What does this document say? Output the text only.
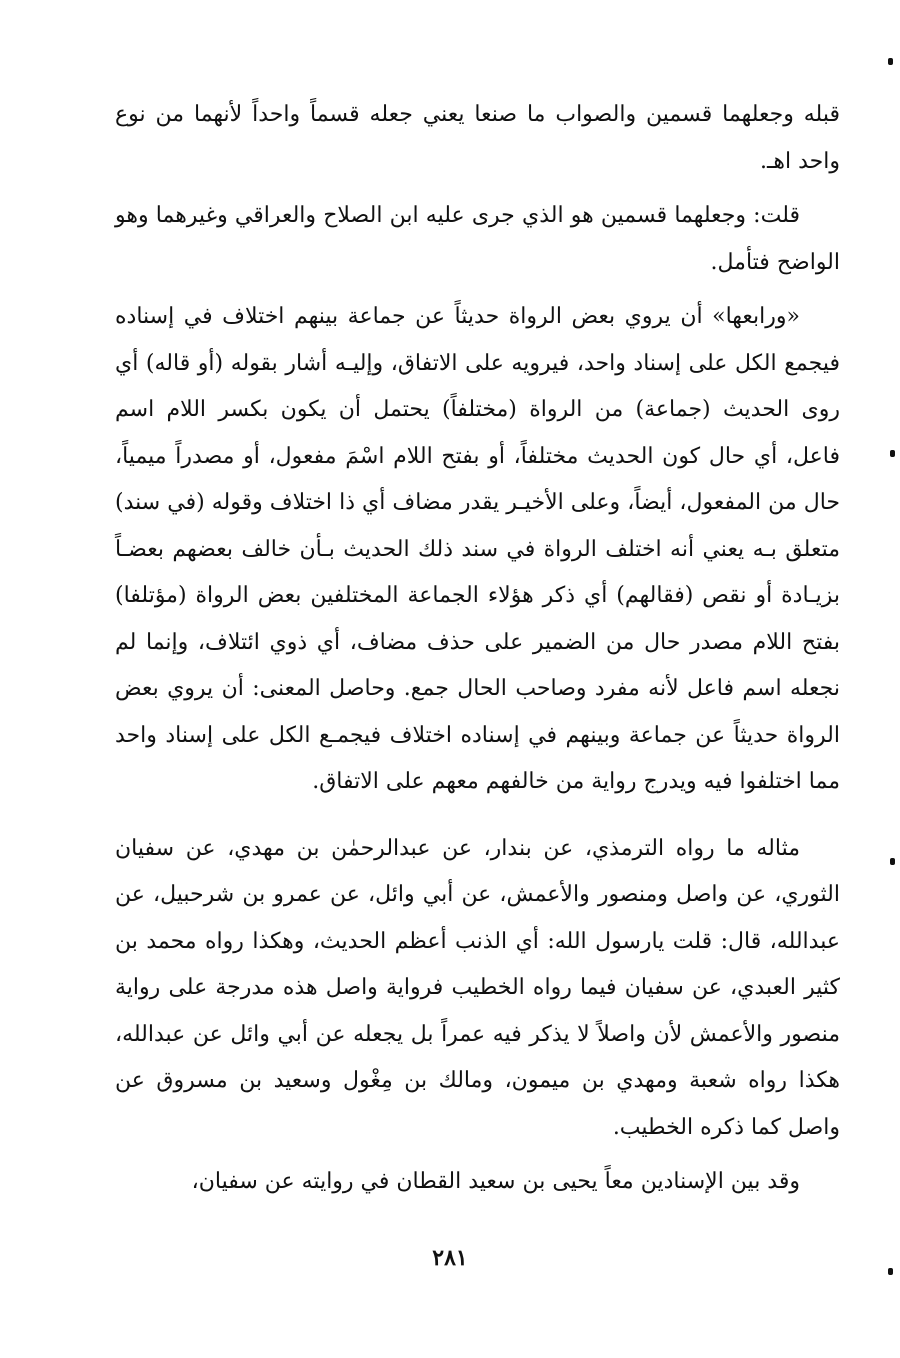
قبله وجعلهما قسمين والصواب ما صنعا يعني جعله قسماً واحداً لأنهما من نوع واحد اهـ.

قلت: وجعلهما قسمين هو الذي جرى عليه ابن الصلاح والعراقي وغيرهما وهو الواضح فتأمل.

«ورابعها» أن يروي بعض الرواة حديثاً عن جماعة بينهم اختلاف في إسناده فيجمع الكل على إسناد واحد، فيرويه على الاتفاق، وإليـه أشار بقوله (أو قاله) أي روى الحديث (جماعة) من الرواة (مختلفاً) يحتمل أن يكون بكسر اللام اسم فاعل، أي حال كون الحديث مختلفاً، أو بفتح اللام اسْمَ مفعول، أو مصدراً ميمياً، حال من المفعول، أيضاً، وعلى الأخيـر يقدر مضاف أي ذا اختلاف وقوله (في سند) متعلق بـه يعني أنه اختلف الرواة في سند ذلك الحديث بـأن خالف بعضهم بعضـاً بزيـادة أو نقص (فقالهم) أي ذكر هؤلاء الجماعة المختلفين بعض الرواة (مؤتلفا) بفتح اللام مصدر حال من الضمير على حذف مضاف، أي ذوي ائتلاف، وإنما لم نجعله اسم فاعل لأنه مفرد وصاحب الحال جمع. وحاصل المعنى: أن يروي بعض الرواة حديثاً عن جماعة وبينهم في إسناده اختلاف فيجمـع الكل على إسناد واحد مما اختلفوا فيه ويدرج رواية من خالفهم معهم على الاتفاق.

مثاله ما رواه الترمذي، عن بندار، عن عبدالرحمٰن بن مهدي، عن سفيان الثوري، عن واصل ومنصور والأعمش، عن أبي وائل، عن عمرو بن شرحبيل، عن عبدالله، قال: قلت يارسول الله: أي الذنب أعظم الحديث، وهكذا رواه محمد بن كثير العبدي، عن سفيان فيما رواه الخطيب فرواية واصل هذه مدرجة على رواية منصور والأعمش لأن واصلاً لا يذكر فيه عمراً بل يجعله عن أبي وائل عن عبدالله، هكذا رواه شعبة ومهدي بن ميمون، ومالك بن مِغْول وسعيد بن مسروق عن واصل كما ذكره الخطيب.

وقد بين الإسنادين معاً يحيى بن سعيد القطان في روايته عن سفيان،

٢٨١
